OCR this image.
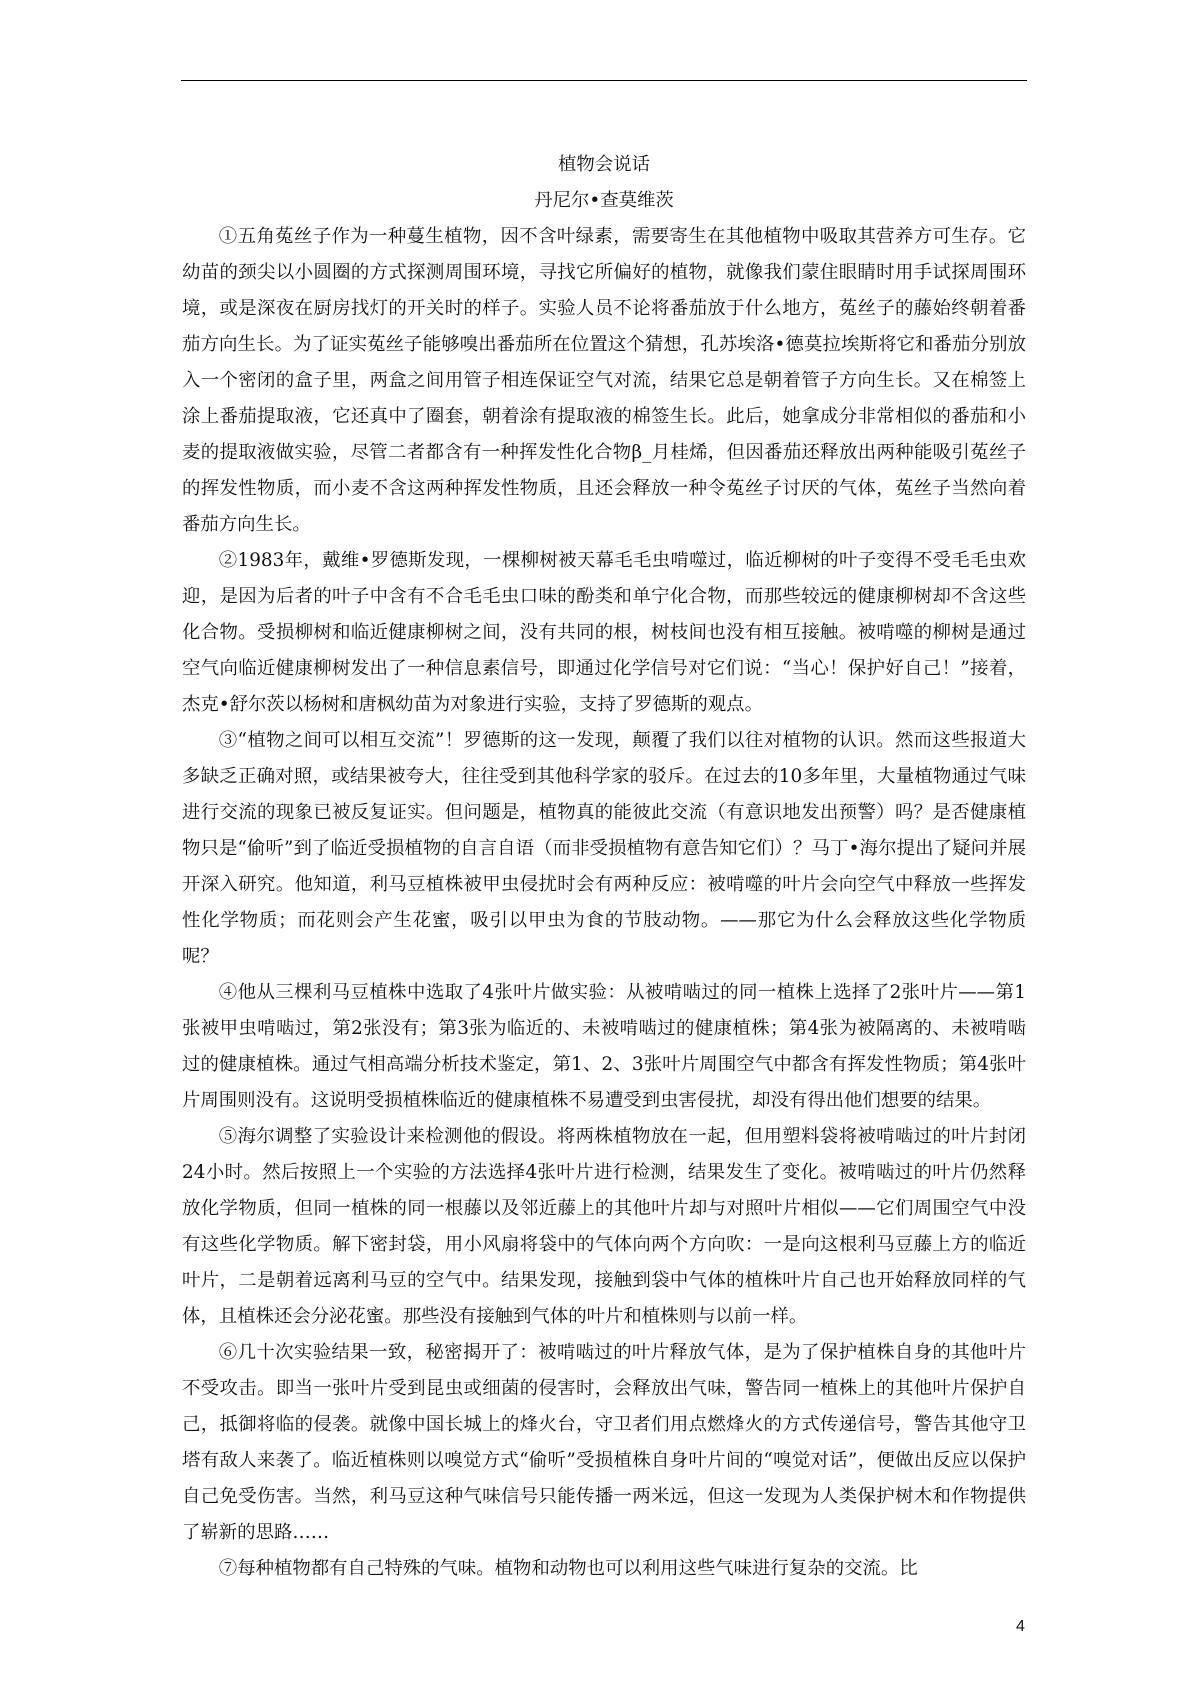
植物会说话

丹尼尔•查莫维茨

①五角菟丝子作为一种蔓生植物，因不含叶绿素，需要寄生在其他植物中吸取其营养方可生存。它幼苗的颈尖以小圆圈的方式探测周围环境，寻找它所偏好的植物，就像我们蒙住眼睛时用手试探周围环境，或是深夜在厨房找灯的开关时的样子。实验人员不论将番茄放于什么地方，菟丝子的藤始终朝着番茄方向生长。为了证实菟丝子能够嗅出番茄所在位置这个猜想，孔苏埃洛•德莫拉埃斯将它和番茄分别放入一个密闭的盒子里，两盒之间用管子相连保证空气对流，结果它总是朝着管子方向生长。又在棉签上涂上番茄提取液，它还真中了圈套，朝着涂有提取液的棉签生长。此后，她拿成分非常相似的番茄和小麦的提取液做实验，尽管二者都含有一种挥发性化合物β_月桂烯，但因番茄还释放出两种能吸引菟丝子的挥发性物质，而小麦不含这两种挥发性物质，且还会释放一种令菟丝子讨厌的气体，菟丝子当然向着番茄方向生长。

②1983年，戴维•罗德斯发现，一棵柳树被天幕毛毛虫啃噬过，临近柳树的叶子变得不受毛毛虫欢迎，是因为后者的叶子中含有不合毛毛虫口味的酚类和单宁化合物，而那些较远的健康柳树却不含这些化合物。受损柳树和临近健康柳树之间，没有共同的根，树枝间也没有相互接触。被啃噬的柳树是通过空气向临近健康柳树发出了一种信息素信号，即通过化学信号对它们说：“当心！保护好自己！”接着，杰克•舒尔茨以杨树和唐枫幼苗为对象进行实验，支持了罗德斯的观点。

③“植物之间可以相互交流”！罗德斯的这一发现，颠覆了我们以往对植物的认识。然而这些报道大多缺乏正确对照，或结果被夸大，往往受到其他科学家的驳斥。在过去的10多年里，大量植物通过气味进行交流的现象已被反复证实。但问题是，植物真的能彼此交流（有意识地发出预警）吗？是否健康植物只是“偷听”到了临近受损植物的自言自语（而非受损植物有意告知它们）？马丁•海尔提出了疑问并展开深入研究。他知道，利马豆植株被甲虫侵扰时会有两种反应：被啃噬的叶片会向空气中释放一些挥发性化学物质；而花则会产生花蜜，吸引以甲虫为食的节肢动物。——那它为什么会释放这些化学物质呢？

④他从三棵利马豆植株中选取了4张叶片做实验：从被啃啮过的同一植株上选择了2张叶片——第1张被甲虫啃啮过，第2张没有；第3张为临近的、未被啃啮过的健康植株；第4张为被隔离的、未被啃啮过的健康植株。通过气相高端分析技术鉴定，第1、2、3张叶片周围空气中都含有挥发性物质；第4张叶片周围则没有。这说明受损植株临近的健康植株不易遭受到虫害侵扰，却没有得出他们想要的结果。

⑤海尔调整了实验设计来检测他的假设。将两株植物放在一起，但用塑料袋将被啃啮过的叶片封闭24小时。然后按照上一个实验的方法选择4张叶片进行检测，结果发生了变化。被啃啮过的叶片仍然释放化学物质，但同一植株的同一根藤以及邻近藤上的其他叶片却与对照叶片相似——它们周围空气中没有这些化学物质。解下密封袋，用小风扇将袋中的气体向两个方向吹：一是向这根利马豆藤上方的临近叶片，二是朝着远离利马豆的空气中。结果发现，接触到袋中气体的植株叶片自己也开始释放同样的气体，且植株还会分泌花蜜。那些没有接触到气体的叶片和植株则与以前一样。

⑥几十次实验结果一致，秘密揭开了：被啃啮过的叶片释放气体，是为了保护植株自身的其他叶片不受攻击。即当一张叶片受到昆虫或细菌的侵害时，会释放出气味，警告同一植株上的其他叶片保护自己，抵御将临的侵袭。就像中国长城上的烽火台，守卫者们用点燃烽火的方式传递信号，警告其他守卫塔有敌人来袭了。临近植株则以嗅觉方式“偷听”受损植株自身叶片间的“嗅觉对话”，便做出反应以保护自己免受伤害。当然，利马豆这种气味信号只能传播一两米远，但这一发现为人类保护树木和作物提供了崭新的思路……

⑦每种植物都有自己特殊的气味。植物和动物也可以利用这些气味进行复杂的交流。比

4
